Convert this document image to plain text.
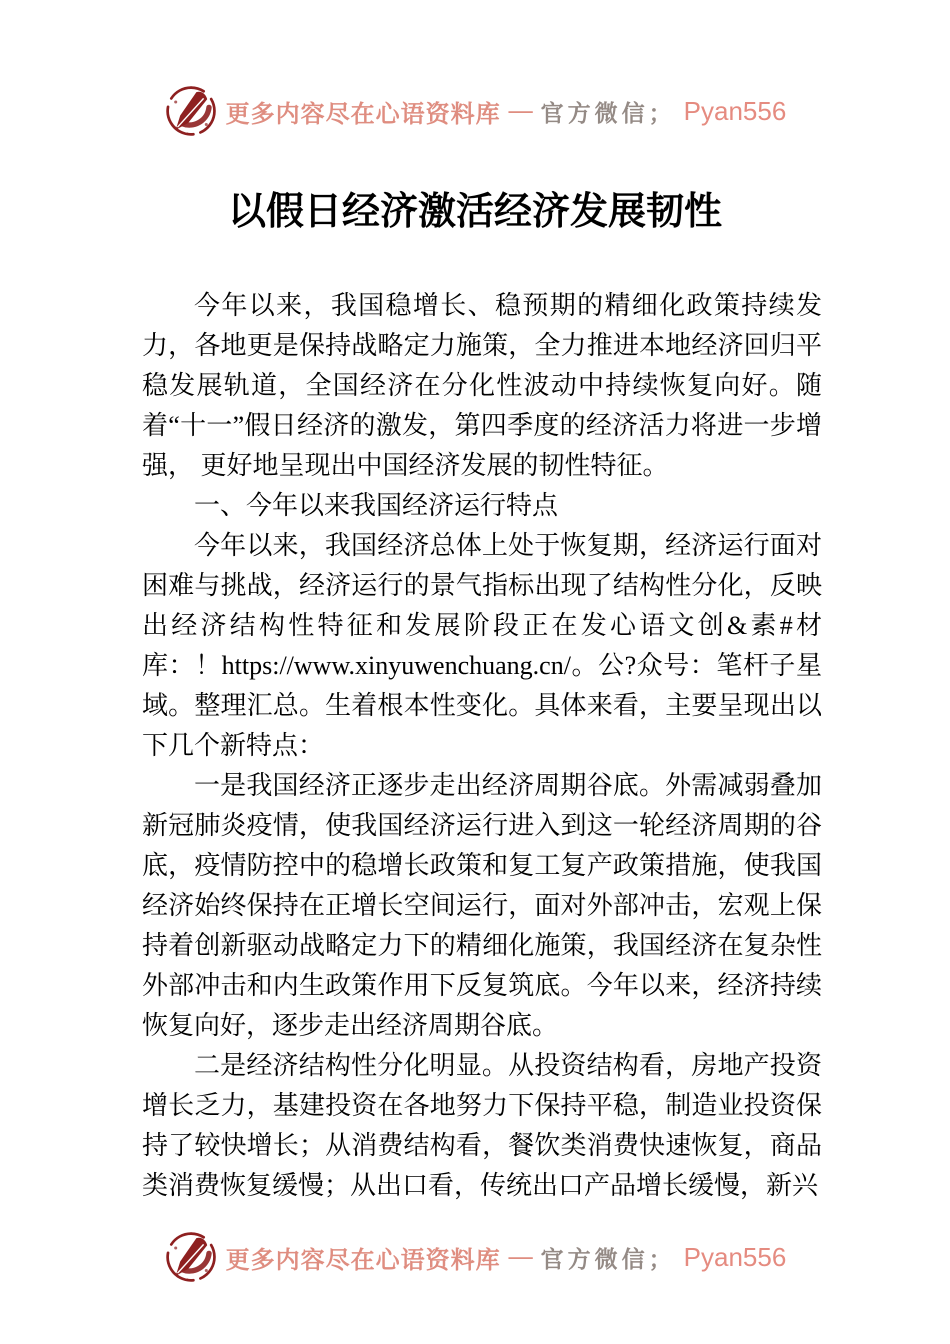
更多内容尽在心语资料库 — 官方微信； Pyan556
以假日经济激活经济发展韧性

今年以来，我国稳增长、稳预期的精细化政策持续发力，各地更是保持战略定力施策，全力推进本地经济回归平稳发展轨道，全国经济在分化性波动中持续恢复向好。随着“十一”假日经济的激发，第四季度的经济活力将进一步增强， 更好地呈现出中国经济发展的韧性特征。

一、今年以来我国经济运行特点

今年以来，我国经济总体上处于恢复期，经济运行面对困难与挑战，经济运行的景气指标出现了结构性分化，反映出经济结构性特征和发展阶段正在发心语文创&素#材库：！https://www.xinyuwenchuang.cn/。公?众号：笔杆子星域。整理汇总。生着根本性变化。具体来看，主要呈现出以下几个新特点：

一是我国经济正逐步走出经济周期谷底。外需减弱叠加新冠肺炎疫情，使我国经济运行进入到这一轮经济周期的谷底，疫情防控中的稳增长政策和复工复产政策措施，使我国经济始终保持在正增长空间运行，面对外部冲击，宏观上保持着创新驱动战略定力下的精细化施策，我国经济在复杂性外部冲击和内生政策作用下反复筑底。今年以来，经济持续恢复向好，逐步走出经济周期谷底。

二是经济结构性分化明显。从投资结构看，房地产投资增长乏力，基建投资在各地努力下保持平稳，制造业投资保持了较快增长；从消费结构看，餐饮类消费快速恢复，商品类消费恢复缓慢；从出口看，传统出口产品增长缓慢，新兴

更多内容尽在心语资料库 — 官方微信； Pyan556
